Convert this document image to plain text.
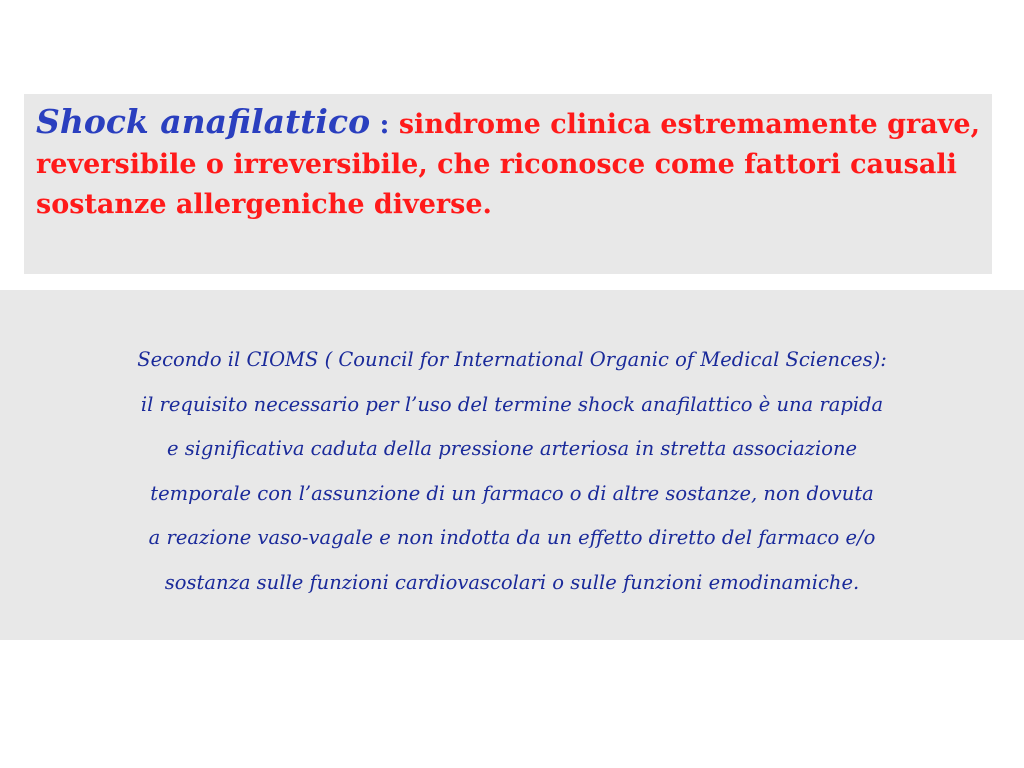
Shock anafilattico : sindrome clinica estremamente grave, reversibile o irreversibile, che riconosce come fattori causali sostanze allergeniche diverse.

Secondo il CIOMS ( Council for International Organic of Medical Sciences):

il requisito necessario per l’uso del termine shock anafilattico è una rapida

e significativa caduta della pressione arteriosa in stretta associazione

temporale con l’assunzione di un farmaco o di altre sostanze, non dovuta

a reazione vaso-vagale e non indotta da un effetto diretto del farmaco e/o

sostanza sulle funzioni cardiovascolari o sulle funzioni emodinamiche.
